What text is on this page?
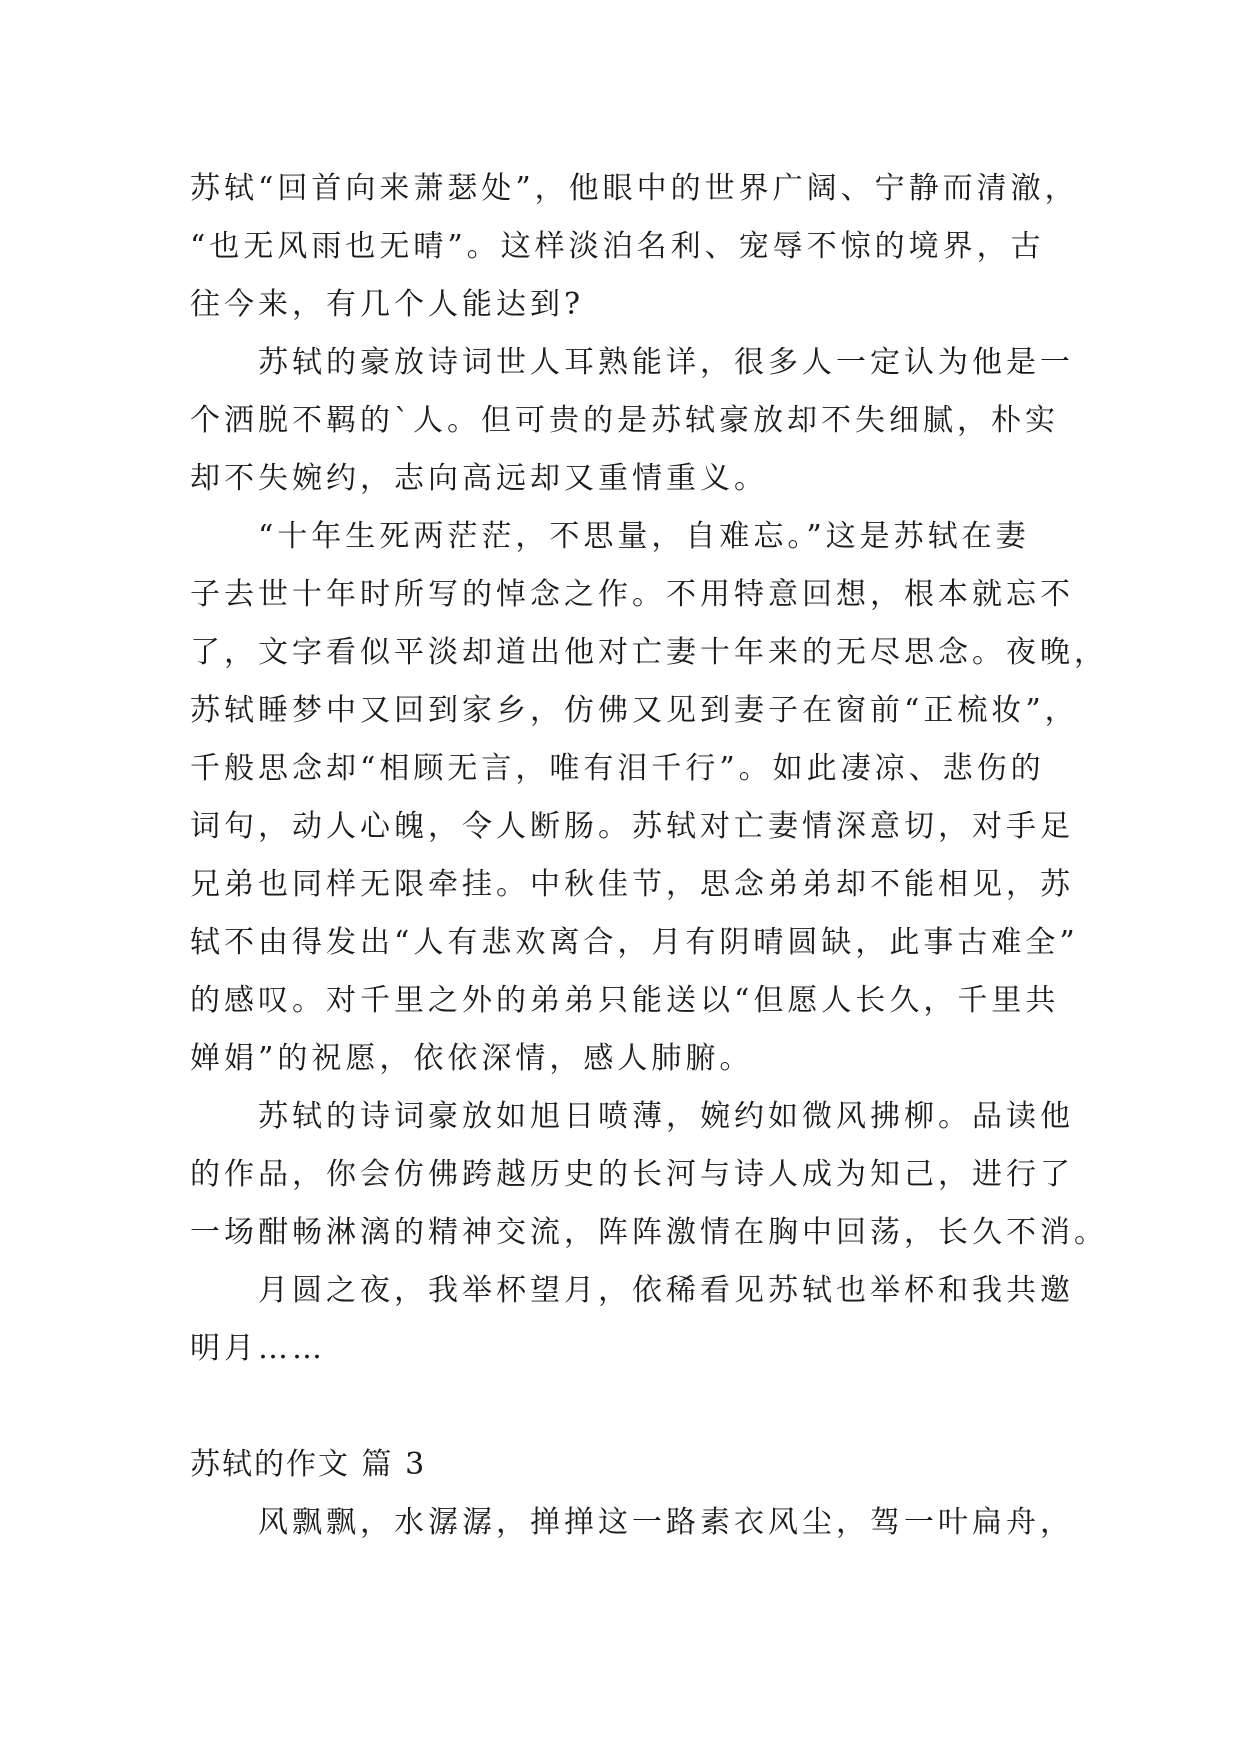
苏轼“回首向来萧瑟处”，他眼中的世界广阔、宁静而清澈，
“也无风雨也无晴”。这样淡泊名利、宠辱不惊的境界，古
往今来，有几个人能达到?

苏轼的豪放诗词世人耳熟能详，很多人一定认为他是一
个洒脱不羁的`人。但可贵的是苏轼豪放却不失细腻，朴实
却不失婉约，志向高远却又重情重义。

“十年生死两茫茫，不思量，自难忘。”这是苏轼在妻
子去世十年时所写的悼念之作。不用特意回想，根本就忘不
了，文字看似平淡却道出他对亡妻十年来的无尽思念。夜晚，
苏轼睡梦中又回到家乡，仿佛又见到妻子在窗前“正梳妆”，
千般思念却“相顾无言，唯有泪千行”。如此凄凉、悲伤的
词句，动人心魄，令人断肠。苏轼对亡妻情深意切，对手足
兄弟也同样无限牵挂。中秋佳节，思念弟弟却不能相见，苏
轼不由得发出“人有悲欢离合，月有阴晴圆缺，此事古难全”
的感叹。对千里之外的弟弟只能送以“但愿人长久，千里共
婵娟”的祝愿，依依深情，感人肺腑。

苏轼的诗词豪放如旭日喷薄，婉约如微风拂柳。品读他
的作品，你会仿佛跨越历史的长河与诗人成为知己，进行了
一场酣畅淋漓的精神交流，阵阵激情在胸中回荡，长久不消。

月圆之夜，我举杯望月，依稀看见苏轼也举杯和我共邀
明月……

苏轼的作文 篇 3

风飘飘，水潺潺，掸掸这一路素衣风尘，驾一叶扁舟，
